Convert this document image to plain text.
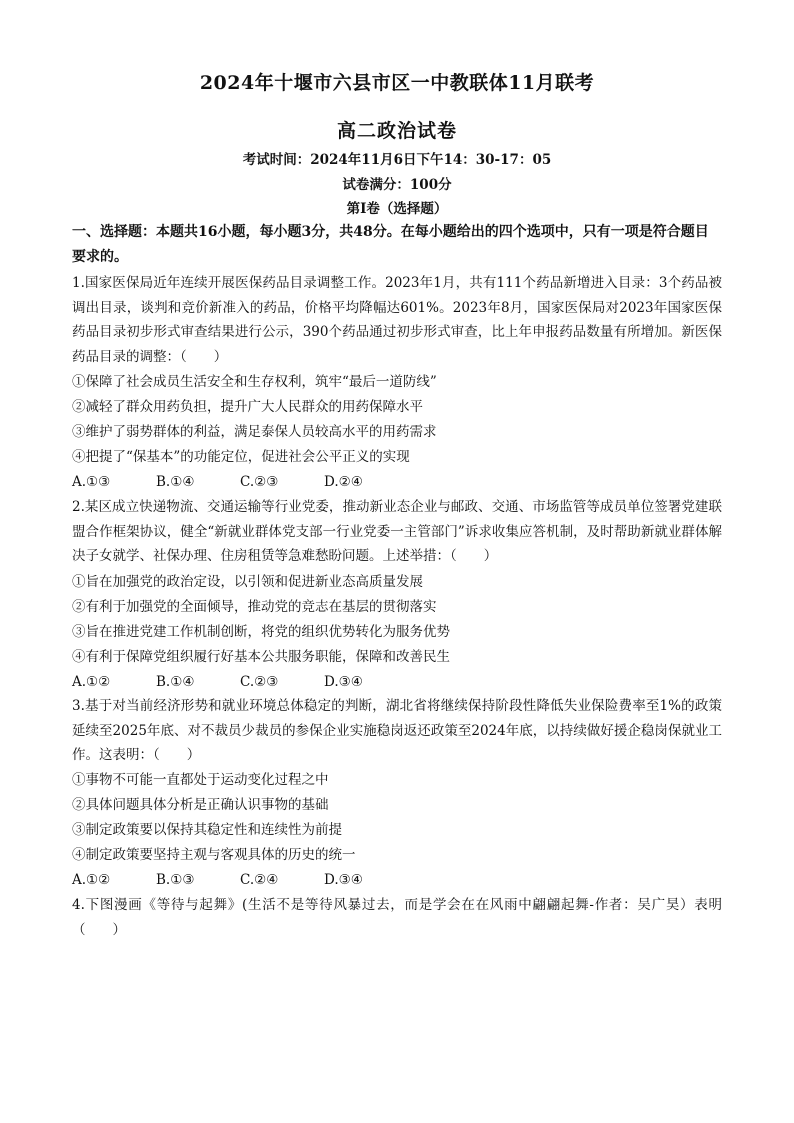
2024年十堰市六县市区一中教联体11月联考
高二政治试卷
考试时间：2024年11月6日下午14：30-17：05
试卷满分：100分
第Ⅰ卷（选择题）
一、选择题：本题共16小题，每小题3分，共48分。在每小题给出的四个选项中，只有一项是符合题目要求的。
1.国家医保局近年连续开展医保药品目录调整工作。2023年1月，共有111个药品新增进入目录：3个药品被调出目录，谈判和竞价新准入的药品，价格平均降幅达601%。2023年8月，国家医保局对2023年国家医保药品目录初步形式审查结果进行公示，390个药品通过初步形式审查，比上年申报药品数量有所增加。新医保药品目录的调整：（　　）
①保障了社会成员生活安全和生存权利，筑牢“最后一道防线”
②减轻了群众用药负担，提升广大人民群众的用药保障水平
③维护了弱势群体的利益，满足泰保人员较高水平的用药需求
④把提了“保基本”的功能定位，促进社会公平正义的实现
A.①③	B.①④	C.②③	D.②④
2.某区成立快递物流、交通运输等行业党委，推动新业态企业与邮政、交通、市场监管等成员单位签署党建联盟合作框架协议，健全“新就业群体党支部一行业党委一主管部门”诉求收集应答机制，及时帮助新就业群体解决子女就学、社保办理、住房租赁等急难愁盼问题。上述举措：（　　）
①旨在加强党的政治定设，以引领和促进新业态高质量发展
②有利于加强党的全面倾导，推动党的竞志在基层的贯彻落实
③旨在推进党建工作机制创断，将党的组织优势转化为服务优势
④有利于保障党组织履行好基本公共服务职能，保障和改善民生
A.①②	B.①④	C.②③	D.③④
3.基于对当前经济形势和就业环境总体稳定的判断，湖北省将继续保持阶段性降低失业保险费率至1%的政策延续至2025年底、对不裁员少裁员的参保企业实施稳岗返还政策至2024年底，以持续做好援企稳岗保就业工作。这表明：（　　）
①事物不可能一直都处于运动变化过程之中
②具体问题具体分析是正确认识事物的基础
③制定政策要以保持其稳定性和连续性为前提
④制定政策要坚持主观与客观具体的历史的统一
A.①②	B.①③	C.②④	D.③④
4.下图漫画《等待与起舞》(生活不是等待风暴过去，而是学会在在风雨中翩翩起舞-作者：吴广昊）表明（　　）
